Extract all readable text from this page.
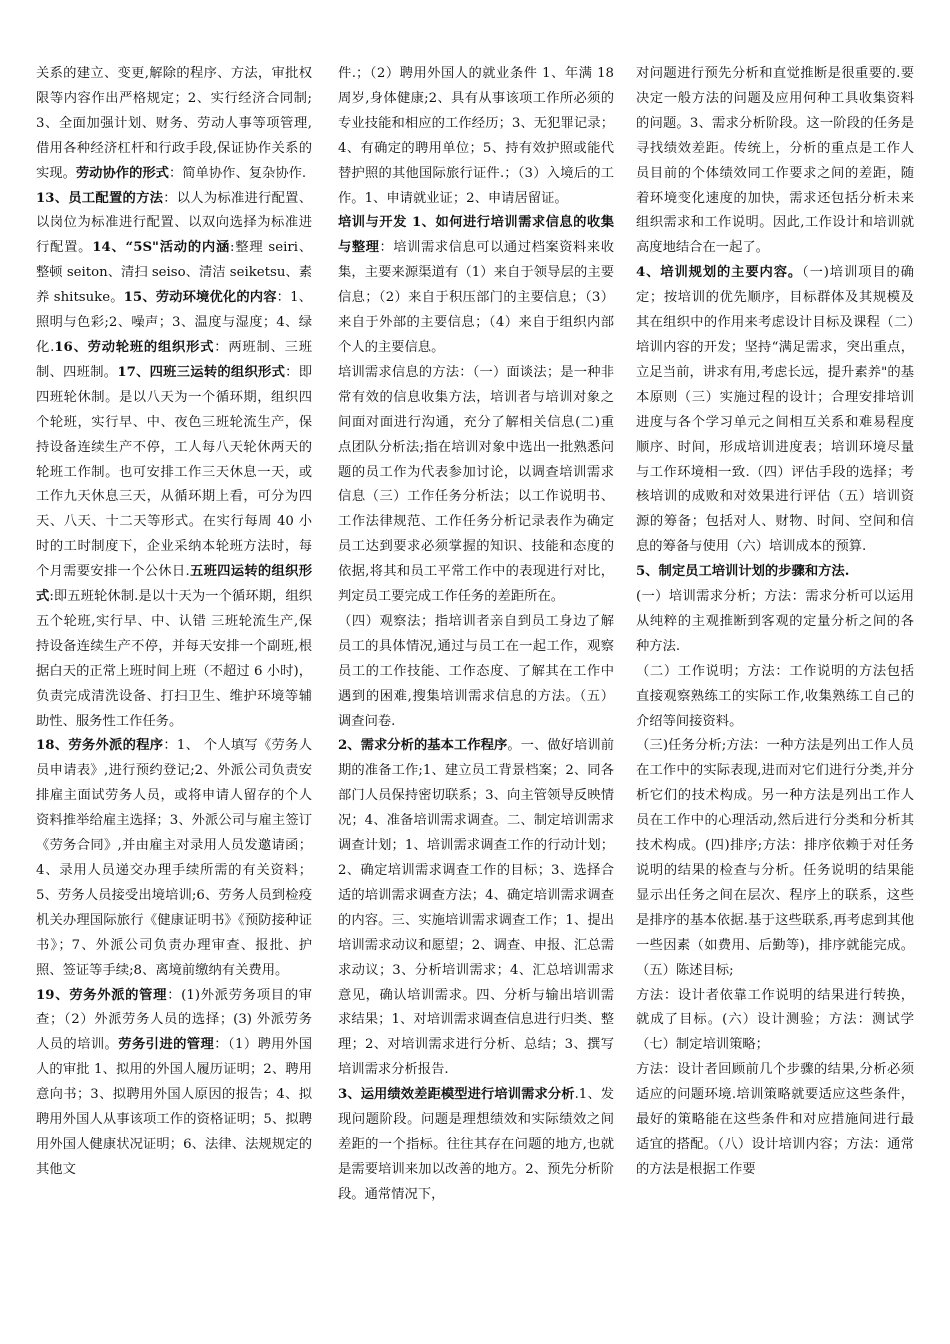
关系的建立、变更,解除的程序、方法，审批权限等内容作出严格规定；2、实行经济合同制;3、全面加强计划、财务、劳动人事等项管理,借用各种经济杠杆和行政手段,保证协作关系的实现。劳动协作的形式：简单协作、复杂协作.

13、员工配置的方法：以人为标准进行配置、以岗位为标准进行配置、以双向选择为标准进行配置。14、“5S"活动的内涵:整理 seiri、整顿 seiton、清扫 seiso、清洁 seiketsu、素养 shitsuke。15、劳动环境优化的内容：1、照明与色彩;2、噪声；3、温度与湿度；4、绿化.16、劳动轮班的组织形式：两班制、三班制、四班制。17、四班三运转的组织形式：即四班轮休制。是以八天为一个循环期，组织四个轮班，实行早、中、夜色三班轮流生产，保持设备连续生产不停，工人每八天轮休两天的轮班工作制。也可安排工作三天休息一天，或工作九天休息三天，从循环期上看，可分为四天、八天、十二天等形式。在实行每周 40 小时的工时制度下，企业采纳本轮班方法时，每个月需要安排一个公休日.五班四运转的组织形式:即五班轮休制.是以十天为一个循环期，组织五个轮班,实行早、中、认错 三班轮流生产,保持设备连续生产不停，并每天安排一个副班,根据白天的正常上班时间上班（不超过 6 小时)，负责完成清洗设备、打扫卫生、维护环境等辅助性、服务性工作任务。

18、劳务外派的程序：1、 个人填写《劳务人员申请表》,进行预约登记;2、外派公司负责安排雇主面试劳务人员，或将申请人留存的个人资料推举给雇主选择；3、外派公司与雇主签订《劳务合同》,并由雇主对录用人员发邀请函；4、录用人员递交办理手续所需的有关资料；5、劳务人员接受出境培训;6、劳务人员到检疫机关办理国际旅行《健康证明书》《预防接种证书》；7、外派公司负责办理审查、报批、护照、签证等手续;8、离境前缴纳有关费用。

19、劳务外派的管理：(1)外派劳务项目的审查；（2）外派劳务人员的选择；(3) 外派劳务人员的培训。劳务引进的管理：（1）聘用外国人的审批 1、拟用的外国人履历证明；2、聘用意向书；3、拟聘用外国人原因的报告；4、拟聘用外国人从事该项工作的资格证明；5、拟聘用外国人健康状况证明；6、法律、法规规定的其他文

件.；（2）聘用外国人的就业条件 1、年满 18 周岁,身体健康;2、具有从事该项工作所必须的专业技能和相应的工作经历；3、无犯罪记录；4、有确定的聘用单位；5、持有效护照或能代替护照的其他国际旅行证件.；（3）入境后的工作。1、申请就业证；2、申请居留证。

培训与开发 1、如何进行培训需求信息的收集与整理：培训需求信息可以通过档案资料来收集，主要来源渠道有（1）来自于领导层的主要信息；（2）来自于积压部门的主要信息；（3）来自于外部的主要信息；（4）来自于组织内部个人的主要信息。

培训需求信息的方法：（一）面谈法；是一种非常有效的信息收集方法，培训者与培训对象之间面对面进行沟通，充分了解相关信息(二)重点团队分析法;指在培训对象中选出一批熟悉问题的员工作为代表参加讨论，以调查培训需求信息（三）工作任务分析法；以工作说明书、工作法律规范、工作任务分析记录表作为确定员工达到要求必须掌握的知识、技能和态度的依据,将其和员工平常工作中的表现进行对比，判定员工要完成工作任务的差距所在。

（四）观察法；指培训者亲自到员工身边了解员工的具体情况,通过与员工在一起工作，观察员工的工作技能、工作态度、了解其在工作中遇到的困难,搜集培训需求信息的方法。（五）调查问卷.

2、需求分析的基本工作程序。一、做好培训前期的准备工作;1、建立员工背景档案；2、同各部门人员保持密切联系；3、向主管领导反映情况；4、准备培训需求调查。二、制定培训需求调查计划；1、培训需求调查工作的行动计划；2、确定培训需求调查工作的目标；3、选择合适的培训需求调查方法；4、确定培训需求调查的内容。三、实施培训需求调查工作；1、提出培训需求动议和愿望；2、调查、申报、汇总需求动议；3、分析培训需求；4、汇总培训需求意见，确认培训需求。四、分析与输出培训需求结果；1、对培训需求调查信息进行归类、整理；2、对培训需求进行分析、总结；3、撰写培训需求分析报告.

3、运用绩效差距模型进行培训需求分析.1、发现问题阶段。问题是理想绩效和实际绩效之间差距的一个指标。往往其存在问题的地方,也就是需要培训来加以改善的地方。2、预先分析阶段。通常情况下，

对问题进行预先分析和直觉推断是很重要的.要决定一般方法的问题及应用何种工具收集资料的问题。3、需求分析阶段。这一阶段的任务是寻找绩效差距。传统上，分析的重点是工作人员目前的个体绩效同工作要求之间的差距，随着环境变化速度的加快，需求还包括分析未来组织需求和工作说明。因此,工作设计和培训就高度地结合在一起了。

4、培训规划的主要内容。（一)培训项目的确定；按培训的优先顺序，目标群体及其规模及其在组织中的作用来考虑设计目标及课程（二）培训内容的开发；坚持“满足需求，突出重点，立足当前，讲求有用,考虑长远，提升素养"的基本原则（三）实施过程的设计；合理安排培训进度与各个学习单元之间相互关系和难易程度顺序、时间，形成培训进度表；培训环境尽量与工作环境相一致.（四）评估手段的选择；考核培训的成败和对效果进行评估（五）培训资源的筹备；包括对人、财物、时间、空间和信息的筹备与使用（六）培训成本的预算.

5、制定员工培训计划的步骤和方法.

(一）培训需求分析；方法：需求分析可以运用从纯粹的主观推断到客观的定量分析之间的各种方法.

（二）工作说明；方法：工作说明的方法包括直接观察熟练工的实际工作,收集熟练工自己的介绍等间接资料。

（三)任务分析;方法：一种方法是列出工作人员在工作中的实际表现,进而对它们进行分类,并分析它们的技术构成。另一种方法是列出工作人员在工作中的心理活动,然后进行分类和分析其技术构成。(四)排序;方法：排序依赖于对任务说明的结果的检查与分析。任务说明的结果能显示出任务之间在层次、程序上的联系，这些是排序的基本依据.基于这些联系,再考虑到其他一些因素（如费用、后勤等)，排序就能完成。（五）陈述目标;

方法：设计者依靠工作说明的结果进行转换，就成了目标。(六）设计测验；方法：测试学（七）制定培训策略；

方法：设计者回顾前几个步骤的结果,分析必须适应的问题环境.培训策略就要适应这些条件，最好的策略能在这些条件和对应措施间进行最适宜的搭配。（八）设计培训内容；方法：通常的方法是根据工作要
